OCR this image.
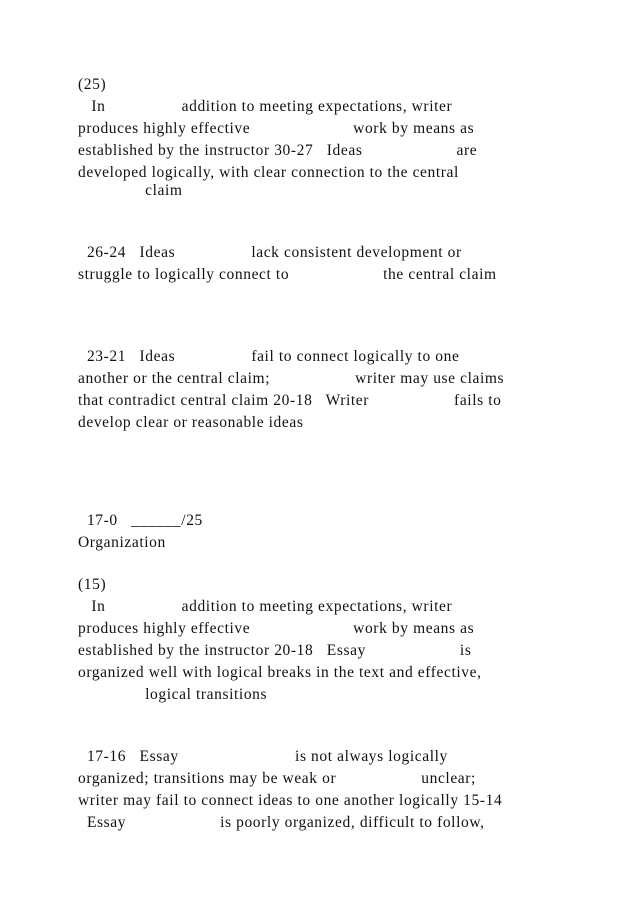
(25)
In                 addition to meeting expectations, writer
produces highly effective                       work by means as
established by the instructor 30-27   Ideas                     are
developed logically, with clear connection to the central
claim
26-24   Ideas                 lack consistent development or
struggle to logically connect to                     the central claim
23-21   Ideas                 fail to connect logically to one
another or the central claim;                   writer may use claims
that contradict central claim 20-18   Writer                   fails to
develop clear or reasonable ideas
17-0   ______/25
Organization
(15)
In                 addition to meeting expectations, writer
produces highly effective                       work by means as
established by the instructor 20-18   Essay                     is
organized well with logical breaks in the text and effective,
logical transitions
17-16   Essay                          is not always logically
organized; transitions may be weak or                   unclear;
writer may fail to connect ideas to one another logically 15-14
Essay                     is poorly organized, difficult to follow,
